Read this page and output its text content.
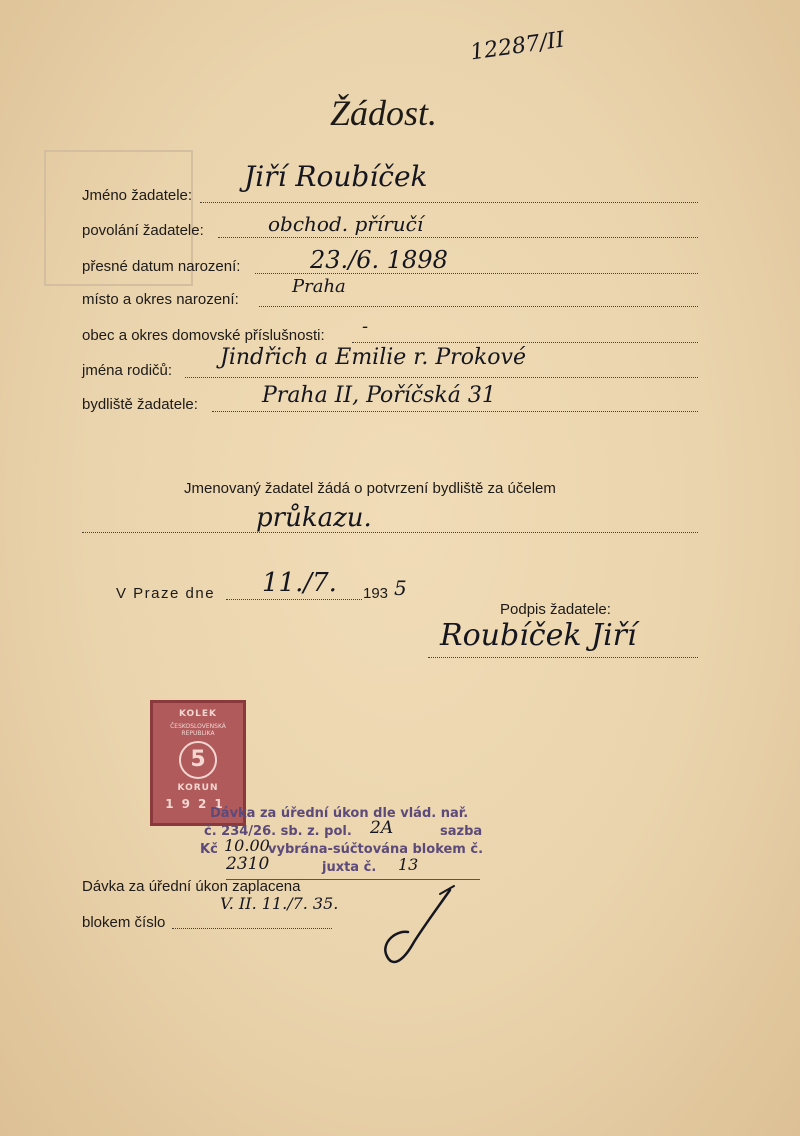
12287/II
Žádost.
Jméno žadatele:
Jiří Roubíček
povolání žadatele:	obchod. příručí
přesné datum narození:	23./6. 1898
místo a okres narození:
Praha
obec a okres domovské příslušnosti: -
jména rodičů:
Jindřich a Emilie r. Prokové
bydliště žadatele:	Praha II, Poříčská 31
Jmenovaný žadatel žádá o potvrzení bydliště za účelem
průkazu.
V Praze dne 11./7. 193 5
Podpis žadatele:
Roubíček Jiří
KOLEK
ČESKOSLOVENSKÁ REPUBLIKA
5
KORUN
1921
Dávka za úřední úkon dle vlád. nař.
č. 234/26. sb. z. pol. 2A	sazba
Kč 10.00
vybrána-súčtována blokem č.
2310	juxta č. 13
Dávka za úřední úkon zaplacena
blokem číslo
V. II. 11./7. 35.
